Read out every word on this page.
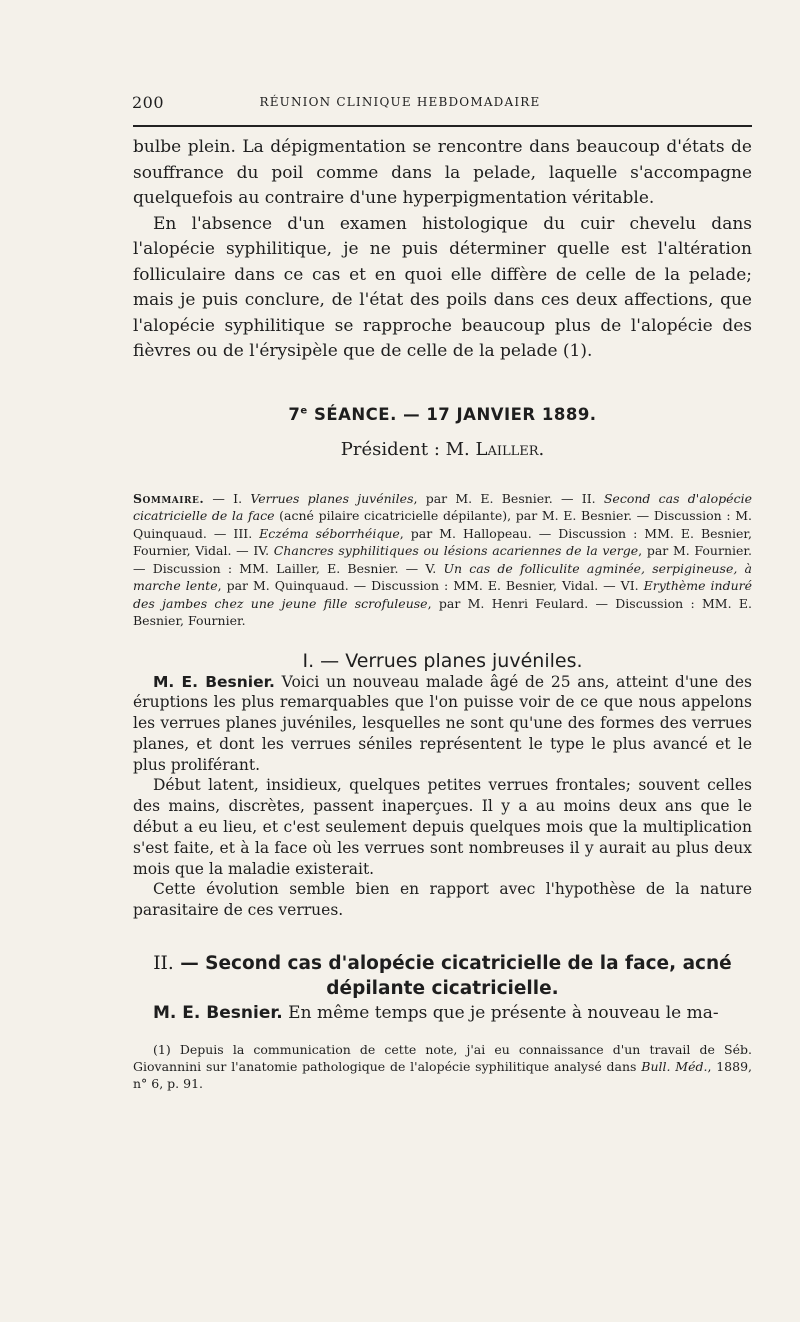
200	RÉUNION CLINIQUE HEBDOMADAIRE

bulbe plein. La dépigmentation se rencontre dans beaucoup d'états de souffrance du poil comme dans la pelade, laquelle s'accompagne quelquefois au contraire d'une hyperpigmentation véritable.

En l'absence d'un examen histologique du cuir chevelu dans l'alopécie syphilitique, je ne puis déterminer quelle est l'altération folliculaire dans ce cas et en quoi elle diffère de celle de la pelade; mais je puis conclure, de l'état des poils dans ces deux affections, que l'alopécie syphilitique se rapproche beaucoup plus de l'alopécie des fièvres ou de l'érysipèle que de celle de la pelade (1).

7e SÉANCE. — 17 JANVIER 1889.
Président : M. Lailler.

Sommaire. — I. Verrues planes juvéniles, par M. E. Besnier. — II. Second cas d'alopécie cicatricielle de la face (acné pilaire cicatricielle dépilante), par M. E. Besnier. — Discussion : M. Quinquaud. — III. Eczéma séborrhéique, par M. Hallopeau. — Discussion : MM. E. Besnier, Fournier, Vidal. — IV. Chancres syphilitiques ou lésions acariennes de la verge, par M. Fournier. — Discussion : MM. Lailler, E. Besnier. — V. Un cas de folliculite agminée, serpigineuse, à marche lente, par M. Quinquaud. — Discussion : MM. E. Besnier, Vidal. — VI. Erythème induré des jambes chez une jeune fille scrofuleuse, par M. Henri Feulard. — Discussion : MM. E. Besnier, Fournier.

I. — Verrues planes juvéniles.

M. E. Besnier. Voici un nouveau malade âgé de 25 ans, atteint d'une des éruptions les plus remarquables que l'on puisse voir de ce que nous appelons les verrues planes juvéniles, lesquelles ne sont qu'une des formes des verrues planes, et dont les verrues séniles représentent le type le plus avancé et le plus proliférant.

Début latent, insidieux, quelques petites verrues frontales; souvent celles des mains, discrètes, passent inaperçues. Il y a au moins deux ans que le début a eu lieu, et c'est seulement depuis quelques mois que la multiplication s'est faite, et à la face où les verrues sont nombreuses il y aurait au plus deux mois que la maladie existerait.

Cette évolution semble bien en rapport avec l'hypothèse de la nature parasitaire de ces verrues.

II. — Second cas d'alopécie cicatricielle de la face, acné dépilante cicatricielle.

M. E. Besnier. En même temps que je présente à nouveau le ma-

(1) Depuis la communication de cette note, j'ai eu connaissance d'un travail de Séb. Giovannini sur l'anatomie pathologique de l'alopécie syphilitique analysé dans Bull. Méd., 1889, n° 6, p. 91.
